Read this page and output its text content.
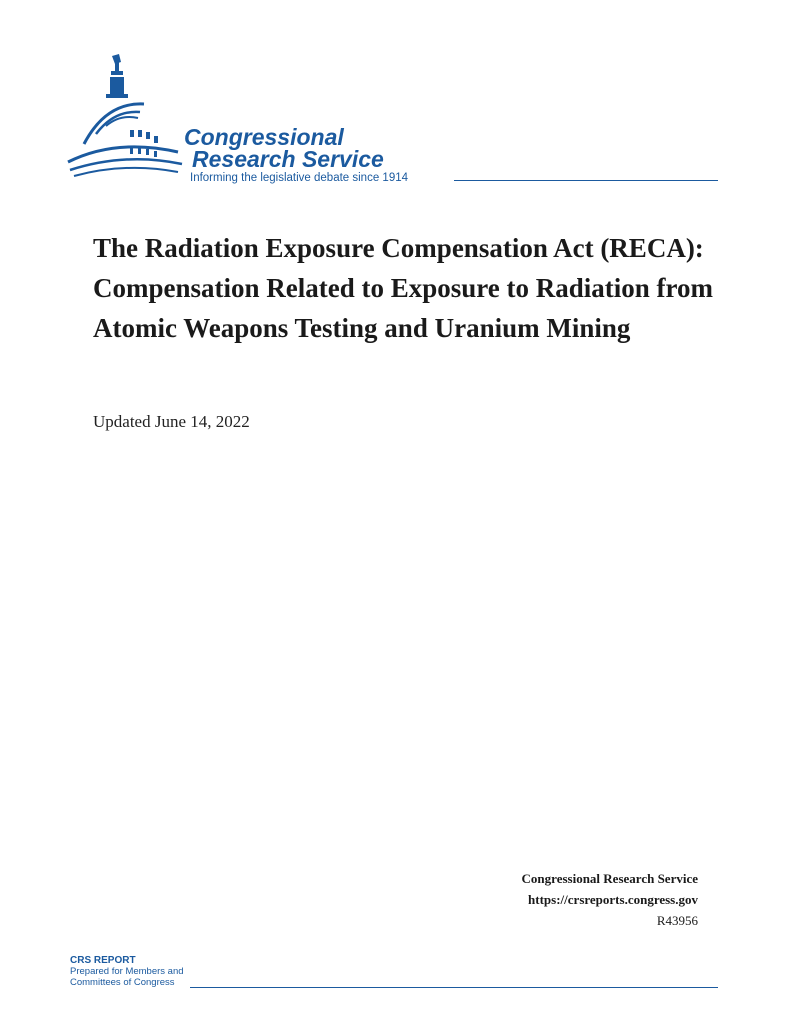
Congressional
Research Service
Informing the legislative debate since 1914
The Radiation Exposure Compensation Act (RECA): Compensation Related to Exposure to Radiation from Atomic Weapons Testing and Uranium Mining
Updated June 14, 2022
Congressional Research Service
https://crsreports.congress.gov
R43956
CRS REPORT
Prepared for Members and
Committees of Congress
